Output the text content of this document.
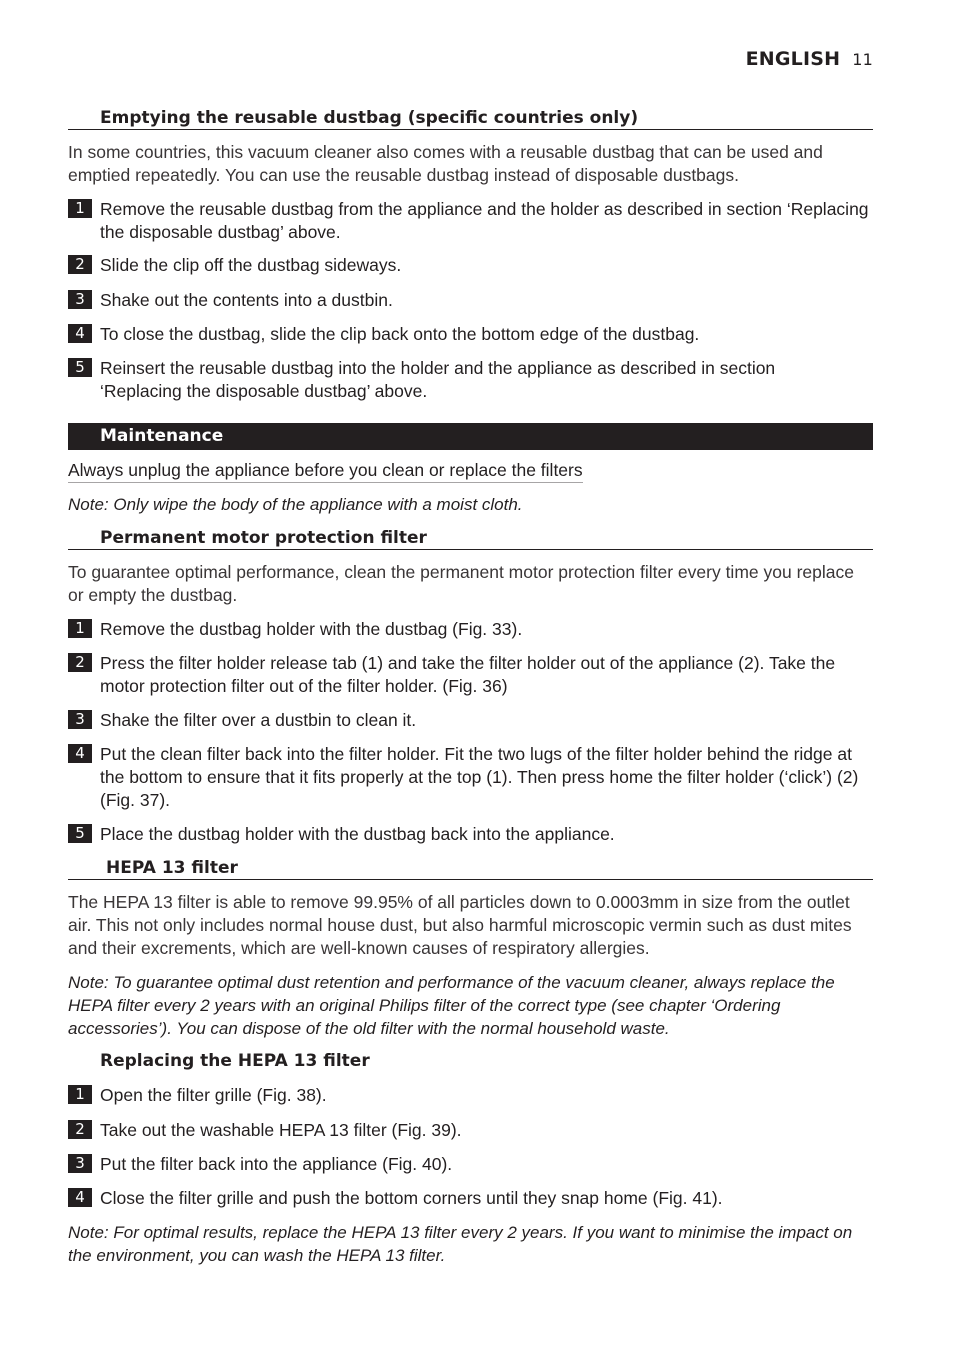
ENGLISH 11
Emptying the reusable dustbag (specific countries only)
In some countries, this vacuum cleaner also comes with a reusable dustbag that can be used and emptied repeatedly. You can use the reusable dustbag instead of disposable dustbags.
1 Remove the reusable dustbag from the appliance and the holder as described in section ‘Replacing the disposable dustbag’ above.
2 Slide the clip off the dustbag sideways.
3 Shake out the contents into a dustbin.
4 To close the dustbag, slide the clip back onto the bottom edge of the dustbag.
5 Reinsert the reusable dustbag into the holder and the appliance as described in section ‘Replacing the disposable dustbag’ above.
Maintenance
Always unplug the appliance before you clean or replace the filters
Note: Only wipe the body of the appliance with a moist cloth.
Permanent motor protection filter
To guarantee optimal performance, clean the permanent motor protection filter every time you replace or empty the dustbag.
1 Remove the dustbag holder with the dustbag (Fig. 33).
2 Press the filter holder release tab (1) and take the filter holder out of the appliance (2). Take the motor protection filter out of the filter holder. (Fig. 36)
3 Shake the filter over a dustbin to clean it.
4 Put the clean filter back into the filter holder. Fit the two lugs of the filter holder behind the ridge at the bottom to ensure that it fits properly at the top (1). Then press home the filter holder (‘click’) (2) (Fig. 37).
5 Place the dustbag holder with the dustbag back into the appliance.
HEPA 13 filter
The HEPA 13 filter is able to remove 99.95% of all particles down to 0.0003mm in size from the outlet air. This not only includes normal house dust, but also harmful microscopic vermin such as dust mites and their excrements, which are well-known causes of respiratory allergies.
Note: To guarantee optimal dust retention and performance of the vacuum cleaner, always replace the HEPA filter every 2 years with an original Philips filter of the correct type (see chapter ‘Ordering accessories’). You can dispose of the old filter with the normal household waste.
Replacing the HEPA 13 filter
1 Open the filter grille (Fig. 38).
2 Take out the washable HEPA 13 filter (Fig. 39).
3 Put the filter back into the appliance (Fig. 40).
4 Close the filter grille and push the bottom corners until they snap home (Fig. 41).
Note: For optimal results, replace the HEPA 13 filter every 2 years. If you want to minimise the impact on the environment, you can wash the HEPA 13 filter.
